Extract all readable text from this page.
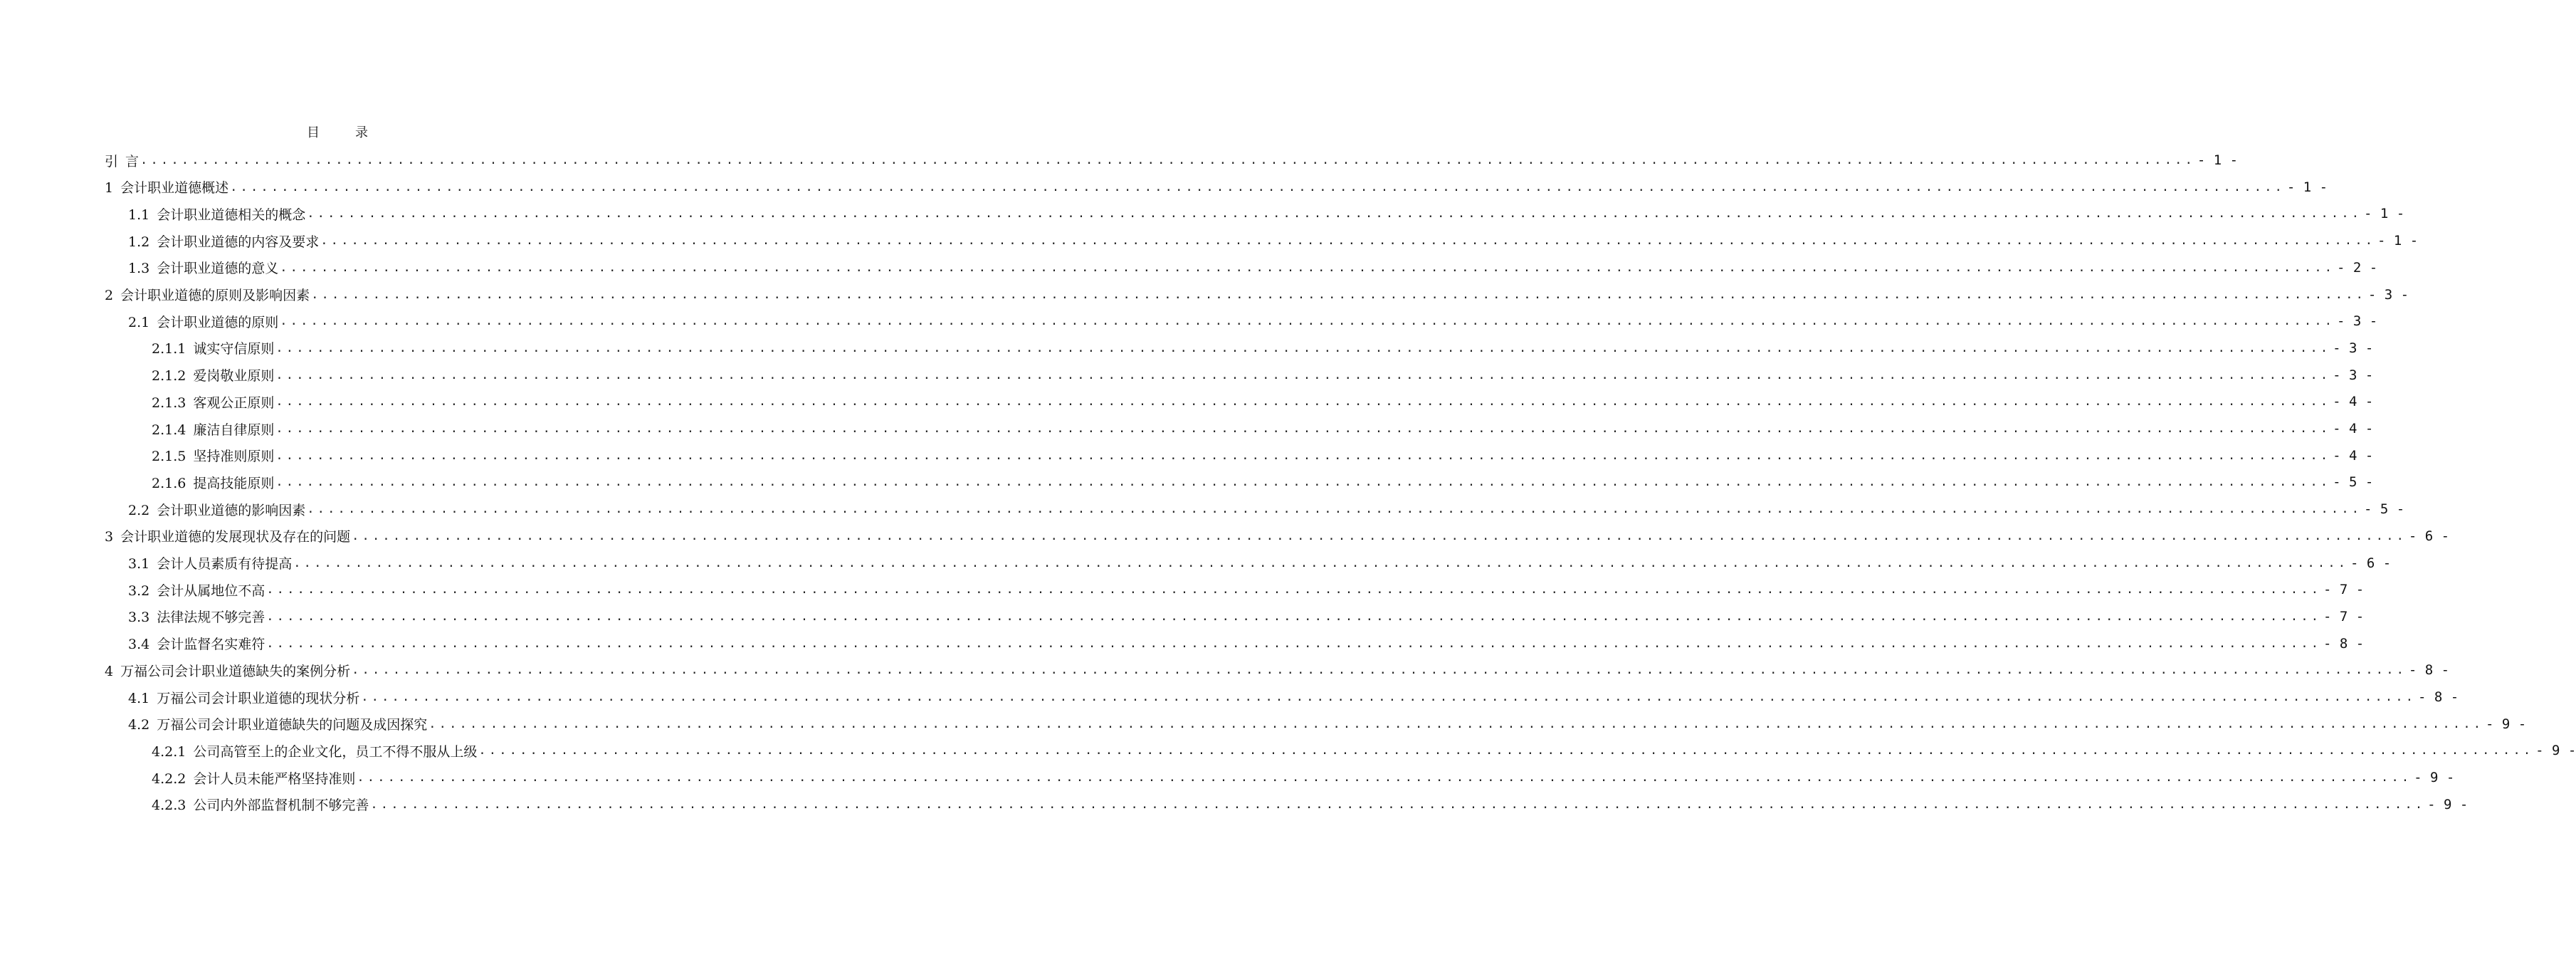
目	录
引 言 ........................................................................................................................................................................................................ - 1 -
1 会计职业道德概述 ........................................................................................................................................................................................................ - 1 -
1.1 会计职业道德相关的概念 ........................................................................................................................................................................................................ - 1 -
1.2 会计职业道德的内容及要求 ........................................................................................................................................................................................................ - 1 -
1.3 会计职业道德的意义 ........................................................................................................................................................................................................ - 2 -
2 会计职业道德的原则及影响因素 ........................................................................................................................................................................................................ - 3 -
2.1 会计职业道德的原则 ........................................................................................................................................................................................................ - 3 -
2.1.1 诚实守信原则 ........................................................................................................................................................................................................ - 3 -
2.1.2 爱岗敬业原则 ........................................................................................................................................................................................................ - 3 -
2.1.3 客观公正原则 ........................................................................................................................................................................................................ - 4 -
2.1.4 廉洁自律原则 ........................................................................................................................................................................................................ - 4 -
2.1.5 坚持准则原则 ........................................................................................................................................................................................................ - 4 -
2.1.6 提高技能原则 ........................................................................................................................................................................................................ - 5 -
2.2 会计职业道德的影响因素 ........................................................................................................................................................................................................ - 5 -
3 会计职业道德的发展现状及存在的问题 ........................................................................................................................................................................................................ - 6 -
3.1 会计人员素质有待提高 ........................................................................................................................................................................................................ - 6 -
3.2 会计从属地位不高 ........................................................................................................................................................................................................ - 7 -
3.3 法律法规不够完善 ........................................................................................................................................................................................................ - 7 -
3.4 会计监督名实难符 ........................................................................................................................................................................................................ - 8 -
4 万福公司会计职业道德缺失的案例分析 ........................................................................................................................................................................................................ - 8 -
4.1 万福公司会计职业道德的现状分析 ........................................................................................................................................................................................................ - 8 -
4.2 万福公司会计职业道德缺失的问题及成因探究 ........................................................................................................................................................................................................ - 9 -
4.2.1 公司高管至上的企业文化，员工不得不服从上级 ........................................................................................................................................................................................................ - 9 -
4.2.2 会计人员未能严格坚持准则 ........................................................................................................................................................................................................ - 9 -
4.2.3 公司内外部监督机制不够完善 ........................................................................................................................................................................................................ - 9 -
